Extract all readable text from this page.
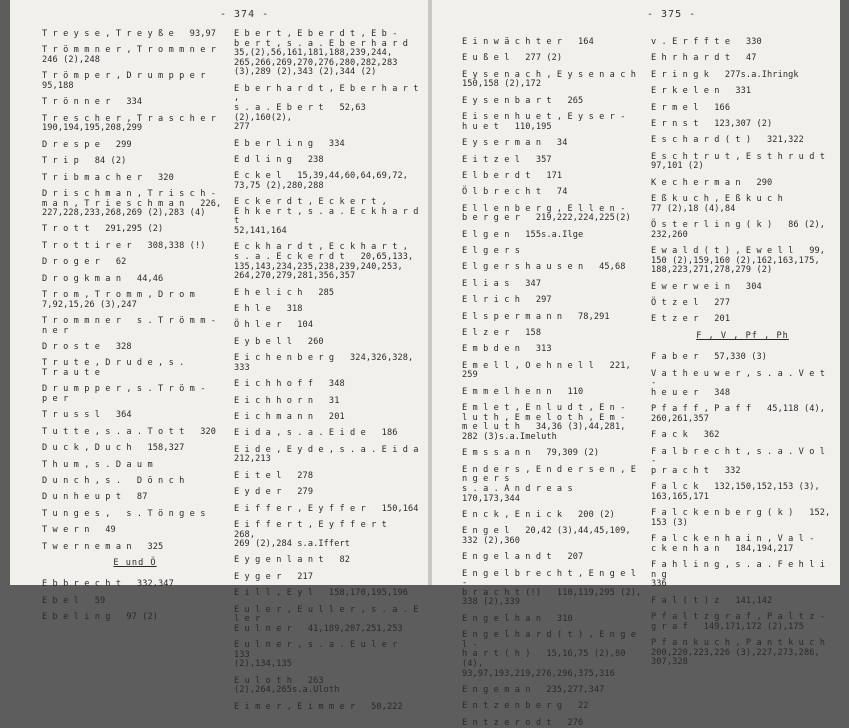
- 374 -
T r e y s e , T r e y ß e   93,97
T r ö m m n e r , T r o m m n e r
246 (2),248
T r ö m p e r , D r u m p p e r
95,188
T r ö n n e r   334
T r e s c h e r , T r a s c h e r
190,194,195,208,299
D r e s p e   299
T r i p   84 (2)
T r i b m a c h e r   320
D r i s c h m a n , T r i s c h -
m a n , T r i e s c h m a n   226,
227,228,233,268,269 (2),283 (4)
T r o t t   291,295 (2)
T r o t t i r e r   308,338 (!)
D r o g e r   62
D r o g k m a n   44,46
T r o m , T r o m m , D r o m
7,92,15,26 (3),247
T r o m m n e r   s . T r ö m m -
n e r
D r o s t e   328
T r u t e , D r u d e , s .
T r a u t e
D r u m p p e r , s . T r ö m -
p e r
T r u s s l   364
T u t t e , s . a . T o t t   320
D u c k , D u c h   158,327
T h u m , s . D a u m
D u n c h , s .   D ö n c h
D u n h e u p t   87
T u n g e s ,   s . T ö n g e s
T w e r n   49
T w e r n e m a n   325
E und Ö
E b b r e c h t   332,347
E b e l   59
E b e l i n g   97 (2)
E b e r t , E b e r d t , E b -
b e r t , s . a . E b e r h a r d
35,(2),56,161,181,188,239,244,
265,266,269,270,276,280,282,283
(3),289 (2),343 (2),344 (2)
E b e r h a r d t , E b e r h a r t ,
s . a . E b e r t   52,63 (2),160(2),
277
E b e r l i n g   334
E d l i n g   238
E c k e l   15,39,44,60,64,69,72,
73,75 (2),280,288
E c k e r d t , E c k e r t ,
E h k e r t , s . a . E c k h a r d t
52,141,164
E c k h a r d t , E c k h a r t ,
s . a . E c k e r d t   20,65,133,
135,143,234,235,238,239,240,253,
264,270,279,281,356,357
E h e l i c h   285
E h l e   318
Ö h l e r   104
E y b e l l   260
E i c h e n b e r g   324,326,328,
333
E i c h h o f f   348
E i c h h o r n   31
E i c h m a n n   201
E i d a , s . a . E i d e   186
E i d e , E y d e , s . a . E i d a
212,213
E i t e l   278
E y d e r   279
E i f f e r , E y f f e r   150,164
E i f f e r t , E y f f e r t   268,
269 (2),284 s.a.Iffert
E y g e n l a n t   82
E y g e r   217
E i l l , E y l   158,170,195,196
E u l e r , E u l l e r , s . a . E l e r
E u l n e r   41,189,207,251,253
E u l n e r , s . a . E u l e r   133
(2),134,135
E u l o t h   263 (2),264,265s.a.Uloth
E i m e r , E i m m e r   50,222
- 375 -
E i n w ä c h t e r   164
E u ß e l   277 (2)
E y s e n a c h , E y s e n a c h
150,158 (2),172
E y s e n b a r t   265
E i s e n h u e t , E y s e r -
h u e t   110,195
E y s e r m a n   34
E i t z e l   357
E l b e r d t   171
Ö l b r e c h t   74
E l l e n b e r g , E l l e n -
b e r g e r   219,222,224,225(2)
E l g e n   155s.a.Ilge
E l g e r s
E l g e r s h a u s e n   45,68
E l i a s   347
E l r i c h   297
E l s p e r m a n n   78,291
E l z e r   158
E m b d e n   313
E m e l l , O e h n e l l   221,
259
E m m e l h e n n   110
E m l e t , E n l u d t , E n -
l u t h , E m e l o t h , E m -
m e l u t h   34,36 (3),44,281,
282 (3)s.a.Imeluth
E m s s a n n   79,309 (2)
E n d e r s , E n d e r s e n , E n g e r s
s . a . A n d r e a s   170,173,344
E n c k , E n i c k   200 (2)
E n g e l   20,42 (3),44,45,109,
332 (2),360
E n g e l a n d t   207
E n g e l b r e c h t , E n g e l -
b r a c h t (!)   110,119,295 (2),
338 (2),339
E n g e l h a n   310
E n g e l h a r d ( t ) , E n g e l -
h a r t ( h )   15,16,75 (2),80 (4),
93,97,193,219,276,296,375,316
E n g e m a n   235,277,347
E n t z e n b e r g   22
E n t z e r o d t   276
v . E r f f t e   330
E h r h a r d t   47
E r i n g k   277s.a.Ihringk
E r k e l e n   331
E r m e l   166
E r n s t   123,307 (2)
E s c h a r d ( t )   321,322
E s c h t r u t , E s t h r u d t
97,101 (2)
K e c h e r m a n   290
E ß k u c h , E ß k u c h
77 (2),18 (4),84
Ö s t e r l i n g ( k )   86 (2),
232,260
E w a l d ( t ) , E w e l l   99,
150 (2),159,160 (2),162,163,175,
188,223,271,278,279 (2)
E w e r w e i n   304
Ö t z e l   277
E t z e r   201
F , V , Pf , Ph
F a b e r   57,330 (3)
V a t h e u w e r , s . a . V e t -
h e u e r   348
P f a f f , P a f f   45,118 (4),
260,261,357
F a c k   362
F a l b r e c h t , s . a . V o l -
p r a c h t   332
F a l c k   132,150,152,153 (3),
163,165,171
F a l c k e n b e r g ( k )   152,
153 (3)
F a l c k e n h a i n , V a l -
c k e n h a n   184,194,217
F a h l i n g , s . a . F e h l i n g
336
F a l ( t ) z   141,142
P f a l t z g r a f , P a l t z -
g r a f   149,171,172 (2),175
P f a n k u c h , P a n t k u c h
200,220,223,226 (3),227,273,286,
307,328
